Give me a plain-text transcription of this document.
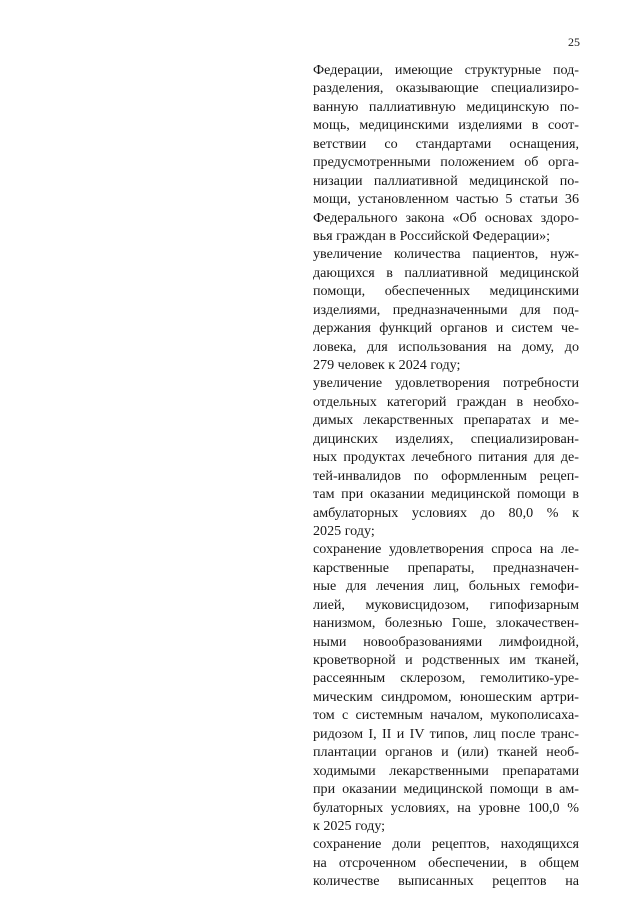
25
Федерации, имеющие структурные под-
разделения, оказывающие специализиро-
ванную паллиативную медицинскую по-
мощь, медицинскими изделиями в соот-
ветствии со стандартами оснащения,
предусмотренными положением об орга-
низации паллиативной медицинской по-
мощи, установленном частью 5 статьи 36
Федерального закона «Об основах здоро-
вья граждан в Российской Федерации»;
увеличение количества пациентов, нуж-
дающихся в паллиативной медицинской
помощи, обеспеченных медицинскими
изделиями, предназначенными для под-
держания функций органов и систем че-
ловека, для использования на дому, до
279 человек к 2024 году;
увеличение удовлетворения потребности
отдельных категорий граждан в необхо-
димых лекарственных препаратах и ме-
дицинских изделиях, специализирован-
ных продуктах лечебного питания для де-
тей-инвалидов по оформленным рецеп-
там при оказании медицинской помощи в
амбулаторных условиях до 80,0 % к
2025 году;
сохранение удовлетворения спроса на ле-
карственные препараты, предназначен-
ные для лечения лиц, больных гемофи-
лией, муковисцидозом, гипофизарным
нанизмом, болезнью Гоше, злокачествен-
ными новообразованиями лимфоидной,
кроветворной и родственных им тканей,
рассеянным склерозом, гемолитико-уре-
мическим синдромом, юношеским артри-
том с системным началом, мукополисаха-
ридозом I, II и IV типов, лиц после транс-
плантации органов и (или) тканей необ-
ходимыми лекарственными препаратами
при оказании медицинской помощи в ам-
булаторных условиях, на уровне 100,0 %
к 2025 году;
сохранение доли рецептов, находящихся
на отсроченном обеспечении, в общем
количестве выписанных рецептов на
